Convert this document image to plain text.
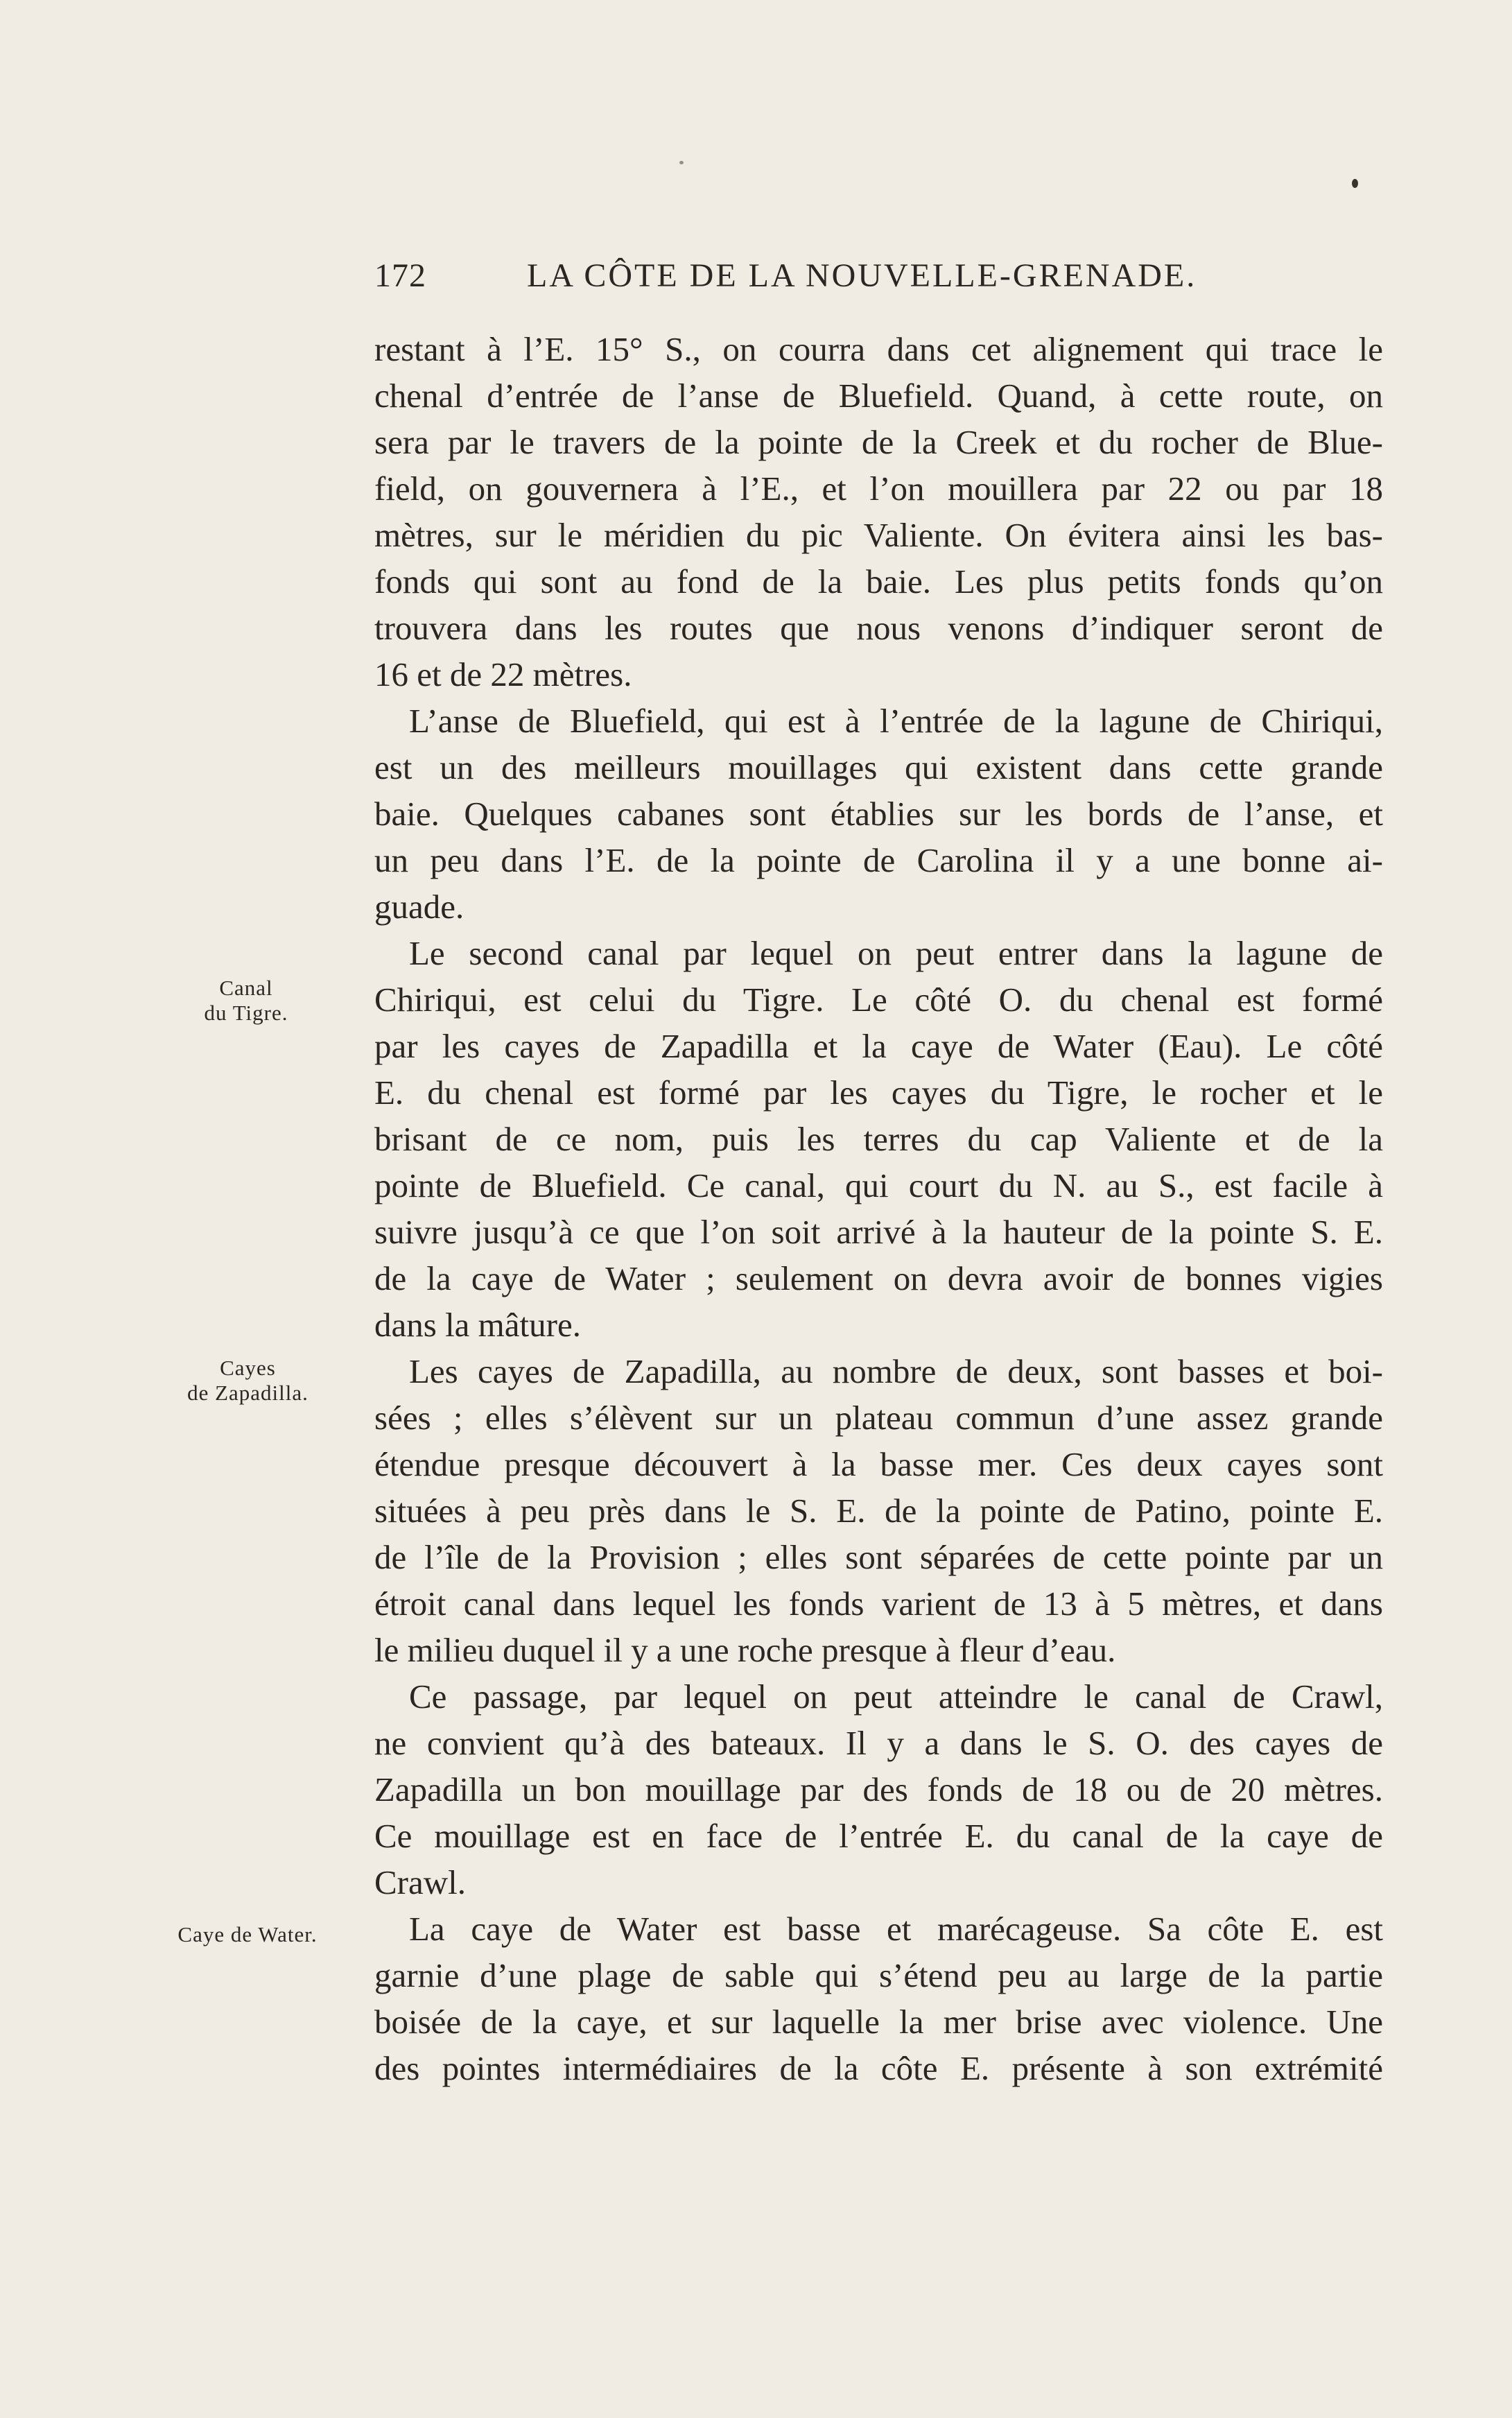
172	LA CÔTE DE LA NOUVELLE-GRENADE.
Canal
du Tigre.
Cayes
de Zapadilla.
Caye de Water.
restant à l’E. 15° S., on courra dans cet alignement qui trace le
chenal d’entrée de l’anse de Bluefield. Quand, à cette route, on
sera par le travers de la pointe de la Creek et du rocher de Blue-
field, on gouvernera à l’E., et l’on mouillera par 22 ou par 18
mètres, sur le méridien du pic Valiente. On évitera ainsi les bas-
fonds qui sont au fond de la baie. Les plus petits fonds qu’on
trouvera dans les routes que nous venons d’indiquer seront de
16 et de 22 mètres.
L’anse de Bluefield, qui est à l’entrée de la lagune de Chiriqui,
est un des meilleurs mouillages qui existent dans cette grande
baie. Quelques cabanes sont établies sur les bords de l’anse, et
un peu dans l’E. de la pointe de Carolina il y a une bonne ai-
guade.
Le second canal par lequel on peut entrer dans la lagune de
Chiriqui, est celui du Tigre. Le côté O. du chenal est formé
par les cayes de Zapadilla et la caye de Water (Eau). Le côté
E. du chenal est formé par les cayes du Tigre, le rocher et le
brisant de ce nom, puis les terres du cap Valiente et de la
pointe de Bluefield. Ce canal, qui court du N. au S., est facile à
suivre jusqu’à ce que l’on soit arrivé à la hauteur de la pointe S. E.
de la caye de Water ; seulement on devra avoir de bonnes vigies
dans la mâture.
Les cayes de Zapadilla, au nombre de deux, sont basses et boi-
sées ; elles s’élèvent sur un plateau commun d’une assez grande
étendue presque découvert à la basse mer. Ces deux cayes sont
situées à peu près dans le S. E. de la pointe de Patino, pointe E.
de l’île de la Provision ; elles sont séparées de cette pointe par un
étroit canal dans lequel les fonds varient de 13 à 5 mètres, et dans
le milieu duquel il y a une roche presque à fleur d’eau.
Ce passage, par lequel on peut atteindre le canal de Crawl,
ne convient qu’à des bateaux. Il y a dans le S. O. des cayes de
Zapadilla un bon mouillage par des fonds de 18 ou de 20 mètres.
Ce mouillage est en face de l’entrée E. du canal de la caye de
Crawl.
La caye de Water est basse et marécageuse. Sa côte E. est
garnie d’une plage de sable qui s’étend peu au large de la partie
boisée de la caye, et sur laquelle la mer brise avec violence. Une
des pointes intermédiaires de la côte E. présente à son extrémité
